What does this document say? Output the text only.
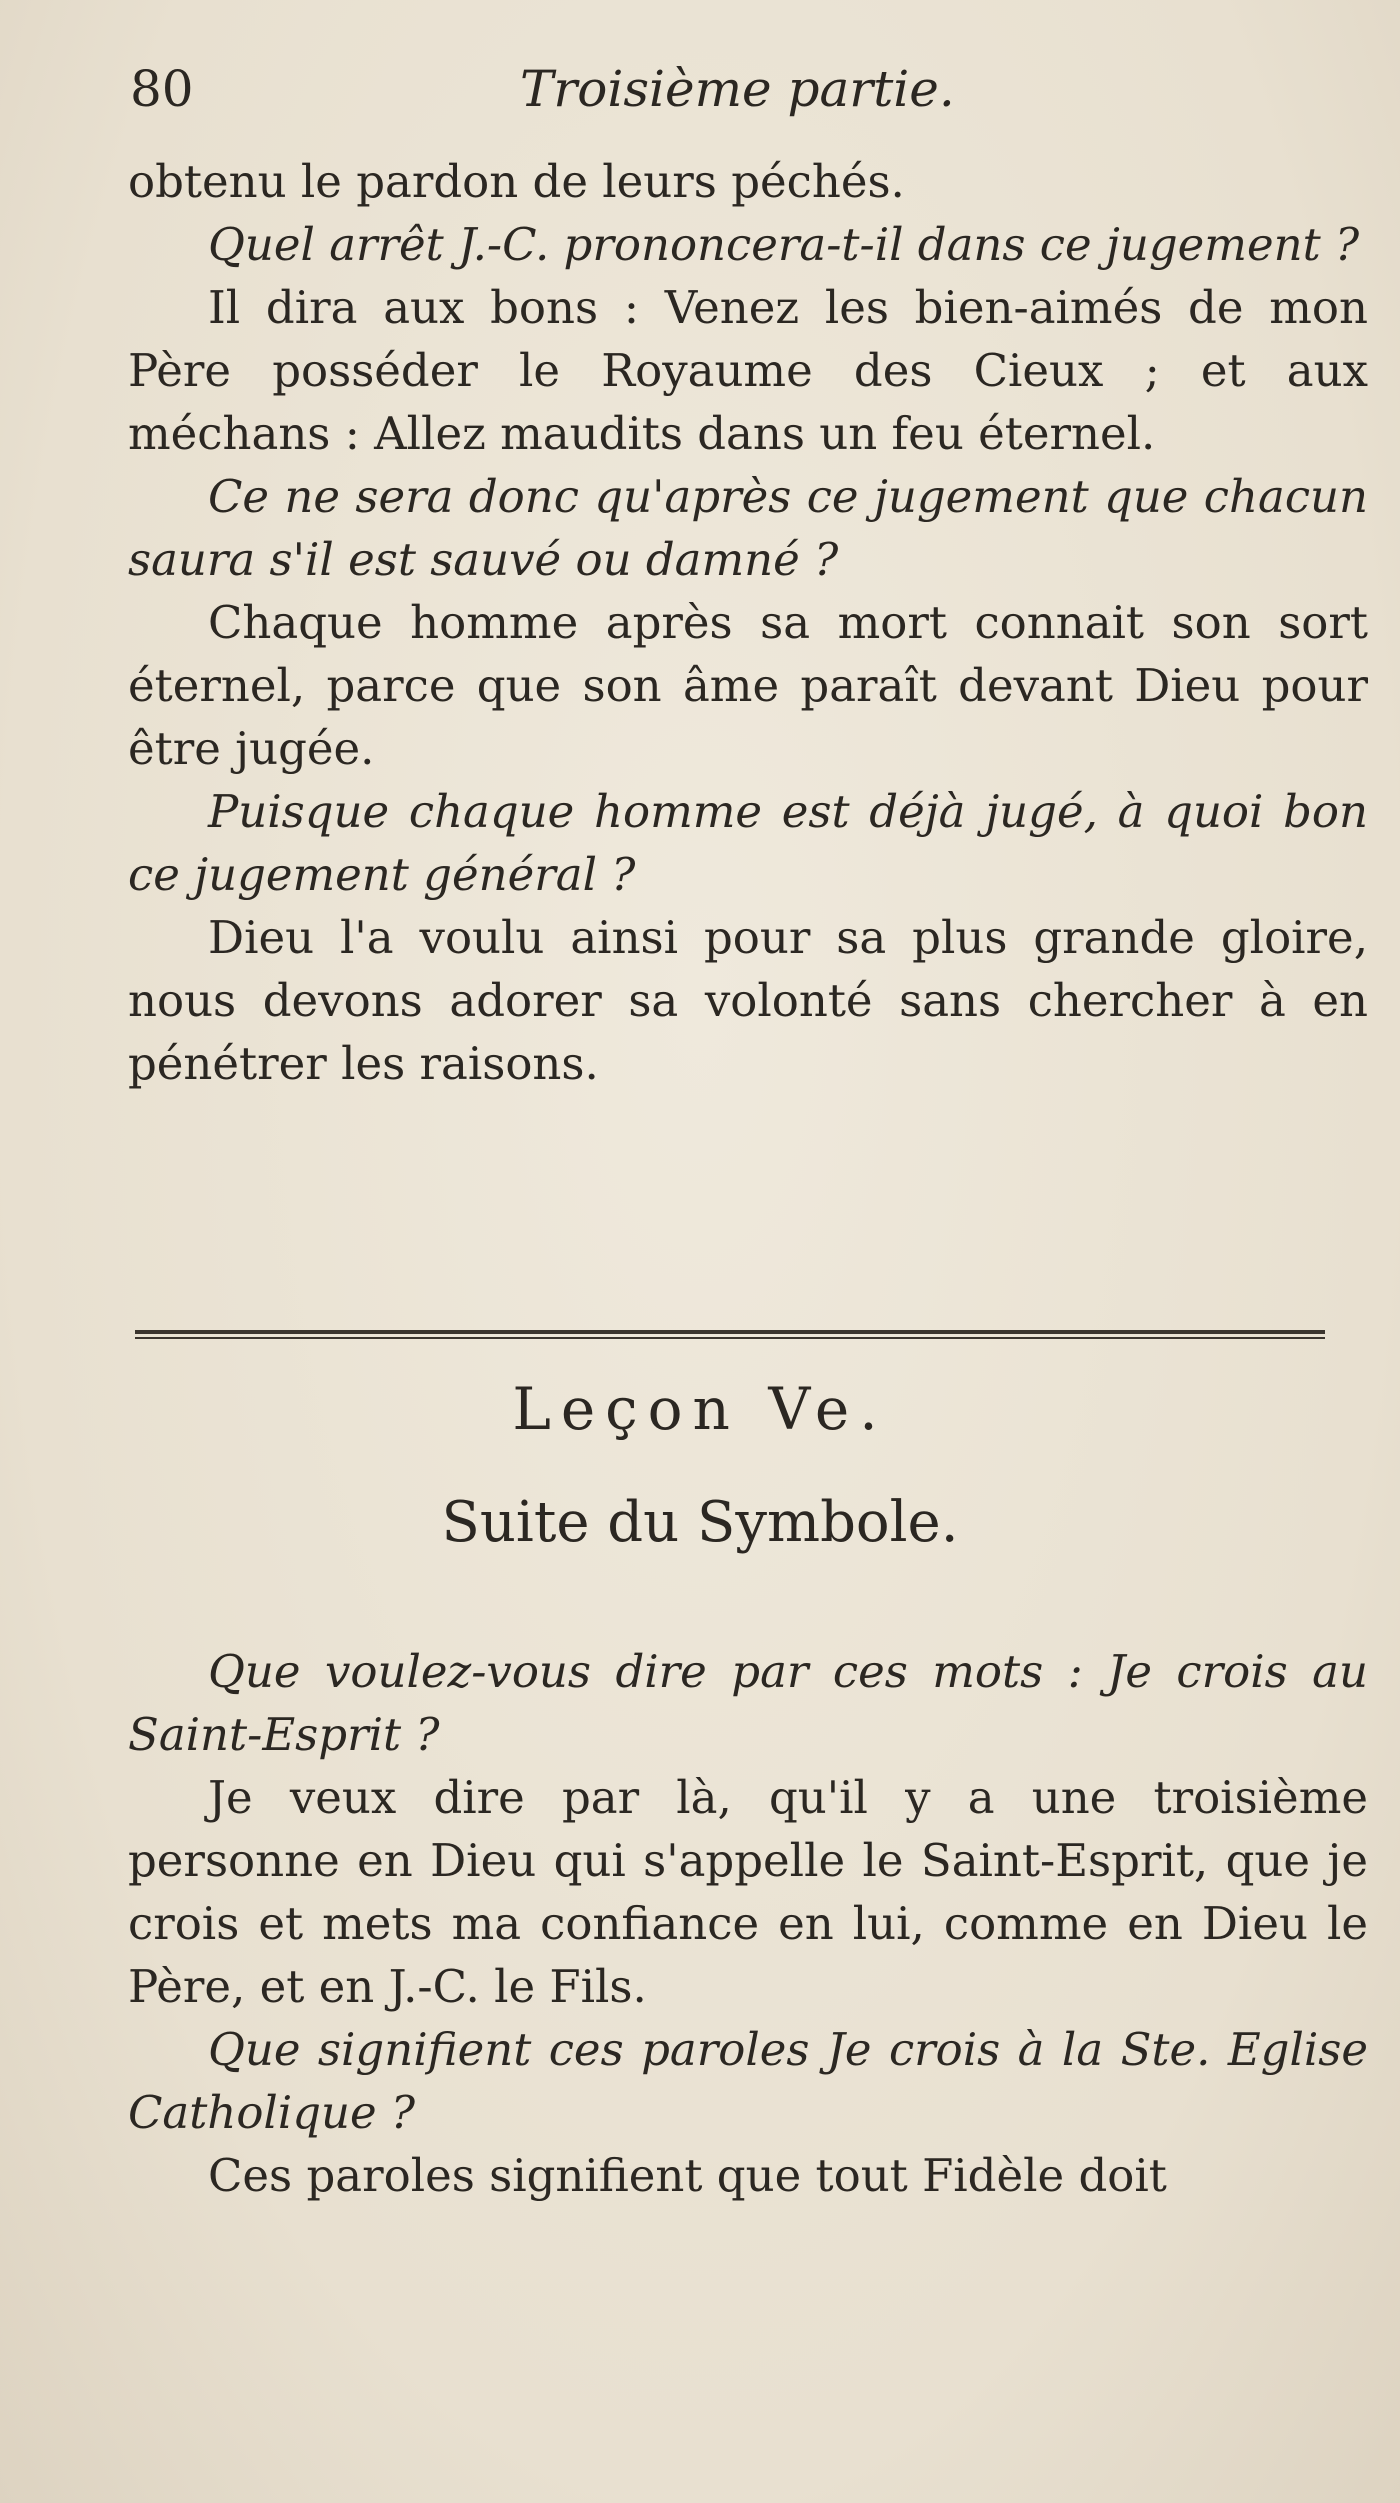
80	Troisième partie.

obtenu le pardon de leurs péchés.

Quel arrêt J.-C. prononcera-t-il dans ce jugement ?

Il dira aux bons : Venez les bien-aimés de mon Père posséder le Royaume des Cieux ; et aux méchans : Allez maudits dans un feu éternel.

Ce ne sera donc qu'après ce jugement que chacun saura s'il est sauvé ou damné ?

Chaque homme après sa mort connait son sort éternel, parce que son âme paraît devant Dieu pour être jugée.

Puisque chaque homme est déjà jugé, à quoi bon ce jugement général ?

Dieu l'a voulu ainsi pour sa plus grande gloire, nous devons adorer sa volonté sans chercher à en pénétrer les raisons.

Leçon Ve.
Suite du Symbole.

Que voulez-vous dire par ces mots : Je crois au Saint-Esprit ?

Je veux dire par là, qu'il y a une troisième personne en Dieu qui s'appelle le Saint-Esprit, que je crois et mets ma confiance en lui, comme en Dieu le Père, et en J.-C. le Fils.

Que signifient ces paroles Je crois à la Ste. Eglise Catholique ?

Ces paroles signifient que tout Fidèle doit
